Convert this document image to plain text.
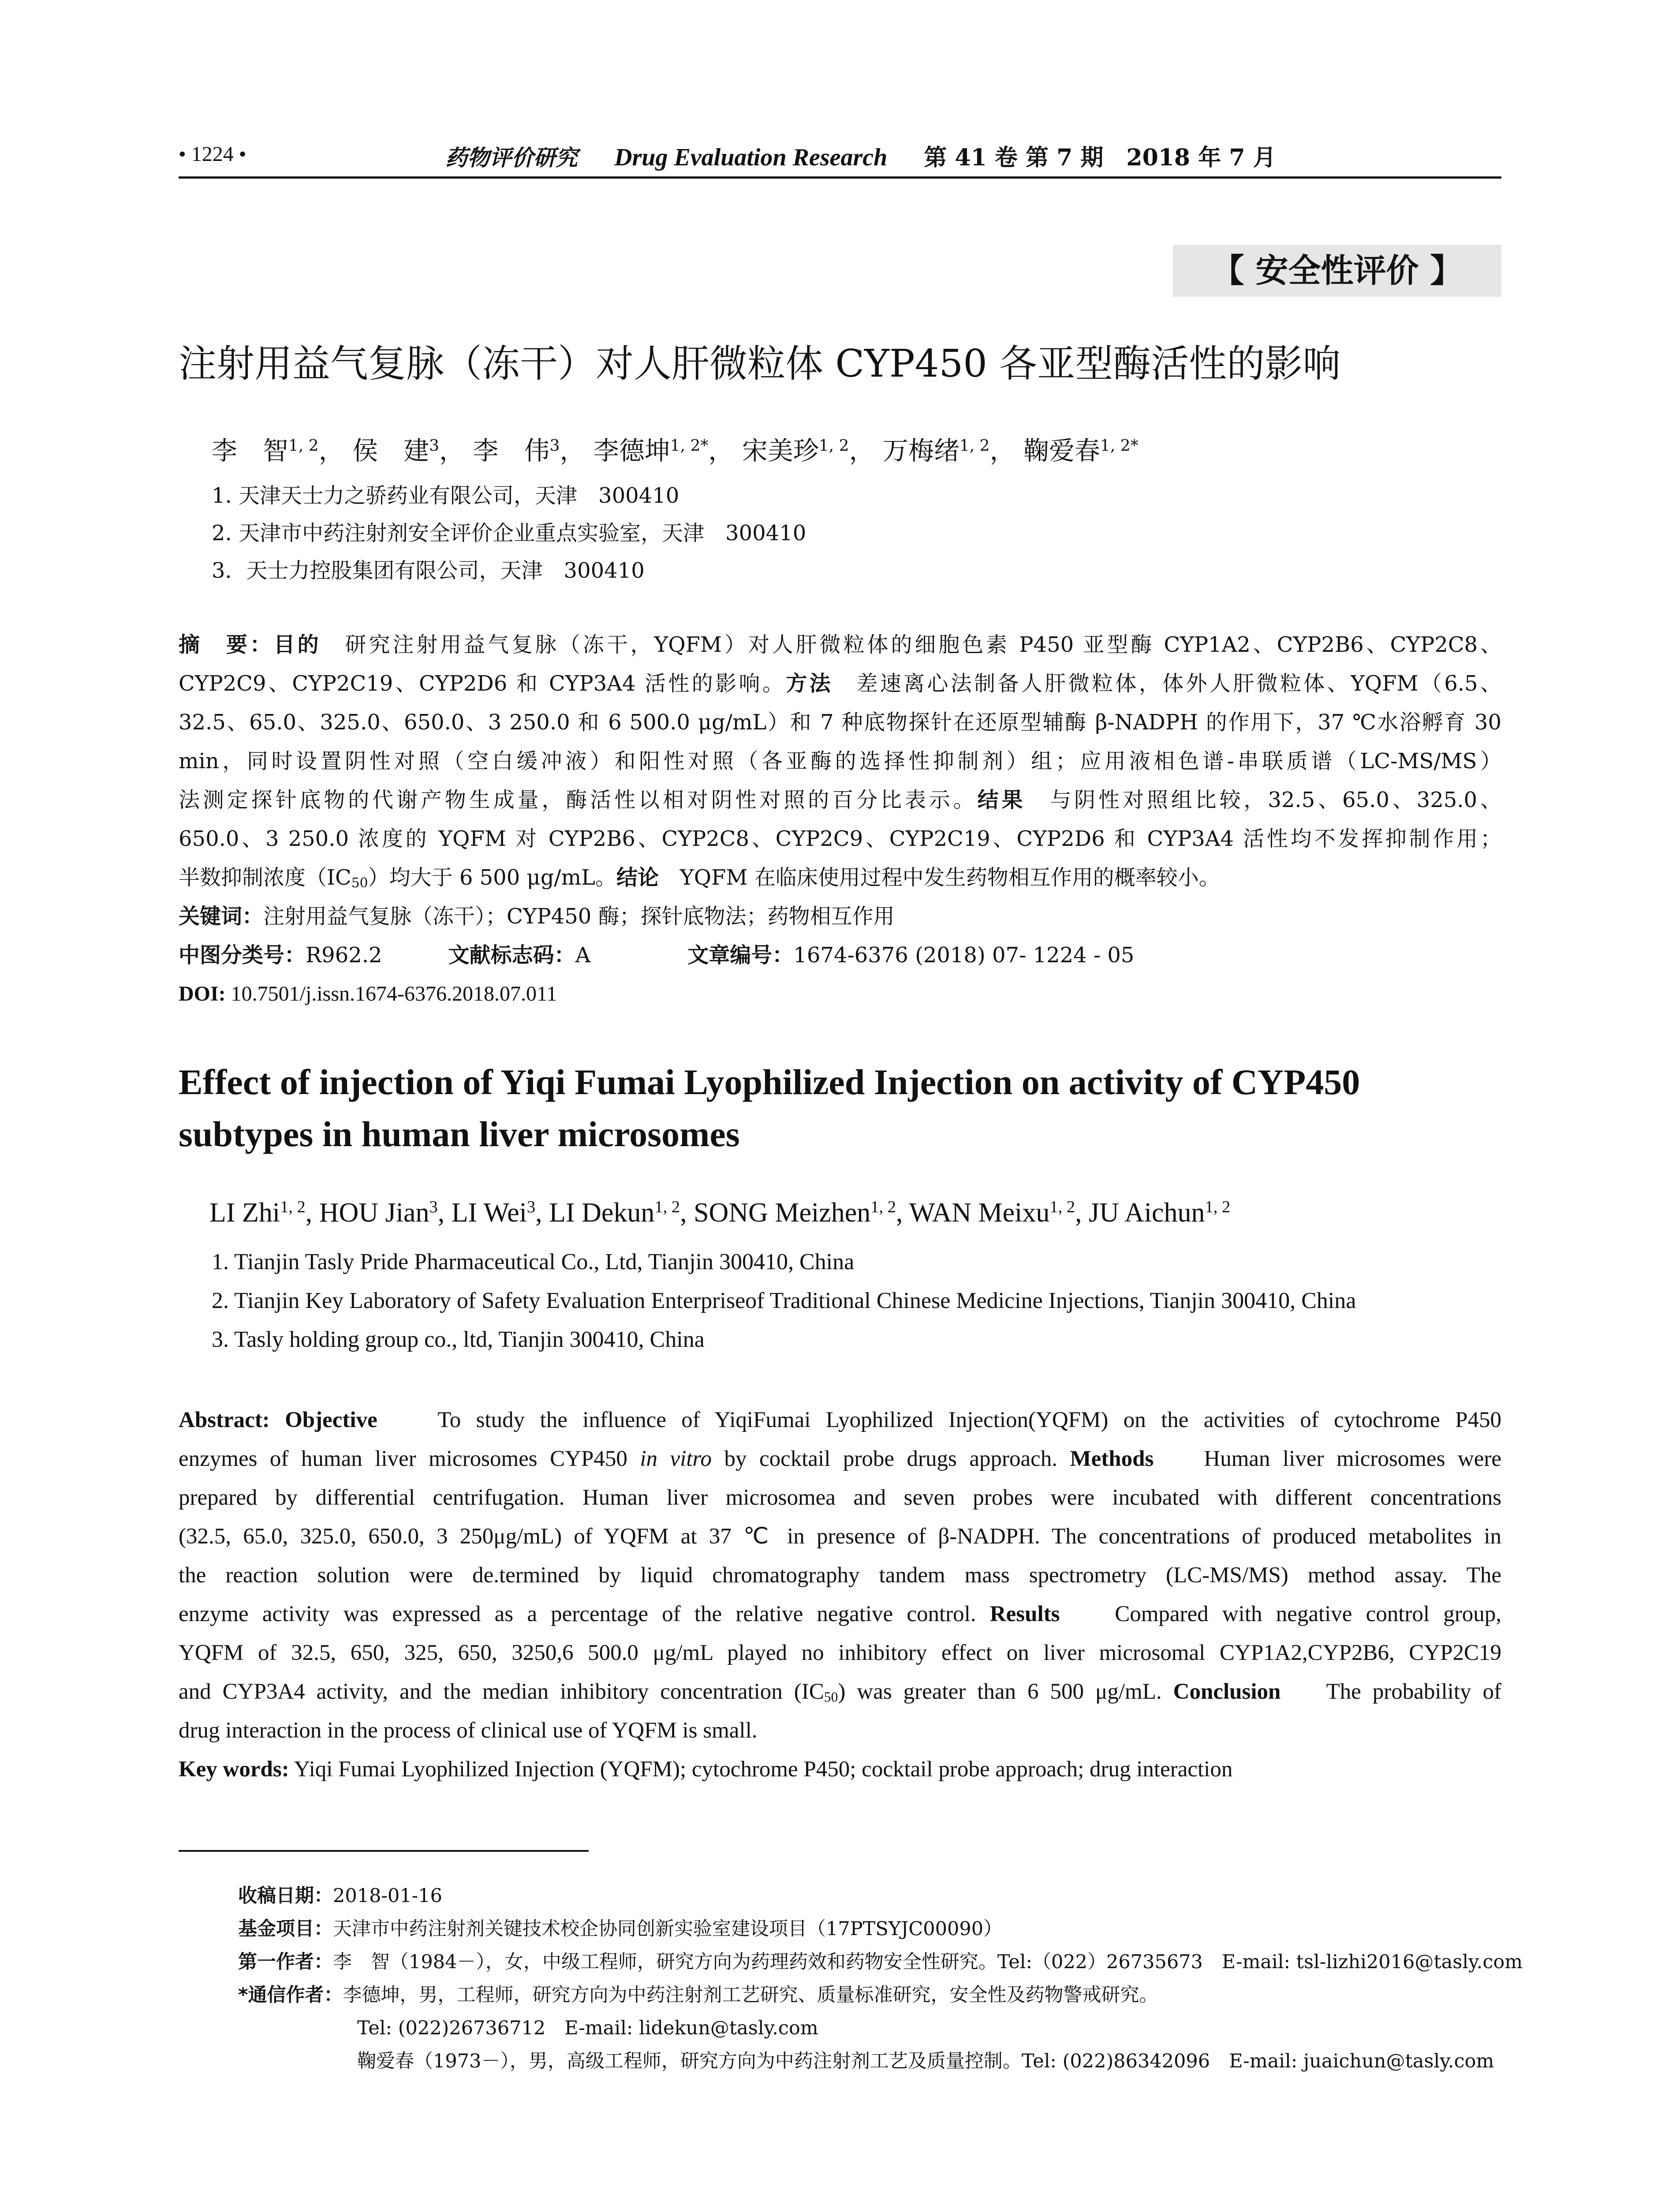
• 1224 •	药物评价研究 Drug Evaluation Research 第 41 卷 第 7 期　2018 年 7 月
【 安全性评价 】
注射用益气复脉（冻干）对人肝微粒体 CYP450 各亚型酶活性的影响
李　智$^{1, 2}$， 侯　建$^3$， 李　伟$^3$， 李德坤$^{1, 2*}$， 宋美珍$^{1, 2}$， 万梅绪$^{1, 2}$， 鞠爱春$^{1, 2*}$
1. 天津天士力之骄药业有限公司，天津　300410
2. 天津市中药注射剂安全评价企业重点实验室，天津　300410
3．天士力控股集团有限公司，天津　300410
摘　要：目的　 研究注射用益气复脉（冻干，YQFM）对人肝微粒体的细胞色素 P450 亚型酶 CYP1A2、CYP2B6、CYP2C8、
CYP2C9、CYP2C19、CYP2D6 和 CYP3A4 活性的影响。方法　 差速离心法制备人肝微粒体，体外人肝微粒体、YQFM（6.5、
32.5、65.0、325.0、650.0、3 250.0 和 6 500.0 μg/mL）和 7 种底物探针在还原型辅酶 β-NADPH 的作用下，37 ℃水浴孵育 30
min，同时设置阴性对照（空白缓冲液）和阳性对照（各亚酶的选择性抑制剂）组；应用液相色谱-串联质谱（LC-MS/MS）
法测定探针底物的代谢产物生成量，酶活性以相对阴性对照的百分比表示。结果　 与阴性对照组比较，32.5、65.0、325.0、
650.0、3 250.0 浓度的 YQFM 对 CYP2B6、CYP2C8、CYP2C9、CYP2C19、CYP2D6 和 CYP3A4 活性均不发挥抑制作用；
半数抑制浓度$(IC_{50})$均大于 6 500 μg/mL。结论　 YQFM 在临床使用过程中发生药物相互作用的概率较小。
关键词：注射用益气复脉（冻干）；CYP450 酶；探针底物法；药物相互作用
中图分类号：R962.2	文献标志码：A	文章编号：1674-6376 (2018) 07- 1224 - 05
DOI: 10.7501/j.issn.1674-6376.2018.07.011
Effect of injection of Yiqi Fumai Lyophilized Injection on activity of CYP450 subtypes in human liver microsomes
LI Zhi$^{1, 2}$, HOU Jian$^3$, LI Wei$^3$, LI Dekun$^{1, 2}$, SONG Meizhen$^{1, 2}$, WAN Meixu$^{1, 2}$, JU Aichun$^{1, 2}$
1. Tianjin Tasly Pride Pharmaceutical Co., Ltd, Tianjin 300410, China
2. Tianjin Key Laboratory of Safety Evaluation Enterpriseof Traditional Chinese Medicine Injections, Tianjin 300410, China
3. Tasly holding group co., ltd, Tianjin 300410, China
Abstract: Objective	To study the influence of YiqiFumai Lyophilized Injection(YQFM) on the activities of cytochrome P450
enzymes of human liver microsomes CYP450 in vitro by cocktail probe drugs approach. Methods Human liver microsomes were
prepared by differential centrifugation. Human liver microsomea and seven probes were incubated with different concentrations
(32.5, 65.0, 325.0, 650.0, 3 250μg/mL) of YQFM at 37 ℃ in presence of β-NADPH. The concentrations of produced metabolites in
the reaction solution were de.termined by liquid chromatography tandem mass spectrometry (LC-MS/MS) method assay. The
enzyme activity was expressed as a percentage of the relative negative control. Results Compared with negative control group,
YQFM of 32.5, 650, 325, 650, 3250,6 500.0 μg/mL played no inhibitory effect on liver microsomal CYP1A2,CYP2B6, CYP2C19
and CYP3A4 activity, and the median inhibitory concentration $(IC_{50})$ was greater than 6 500 μg/mL. Conclusion The probability of
drug interaction in the process of clinical use of YQFM is small.
Key words: Yiqi Fumai Lyophilized Injection (YQFM); cytochrome P450; cocktail probe approach; drug interaction
收稿日期：2018-01-16
基金项目：天津市中药注射剂关键技术校企协同创新实验室建设项目（17PTSYJC00090）
第一作者：李　智（1984－），女，中级工程师，研究方向为药理药效和药物安全性研究。Tel:（022）26735673　E-mail: tsl-lizhi2016@tasly.com
*通信作者：李德坤，男，工程师，研究方向为中药注射剂工艺研究、质量标准研究，安全性及药物警戒研究。
Tel: (022)26736712　E-mail: lidekun@tasly.com
鞠爱春（1973－），男，高级工程师，研究方向为中药注射剂工艺及质量控制。Tel: (022)86342096　E-mail: juaichun@tasly.com
